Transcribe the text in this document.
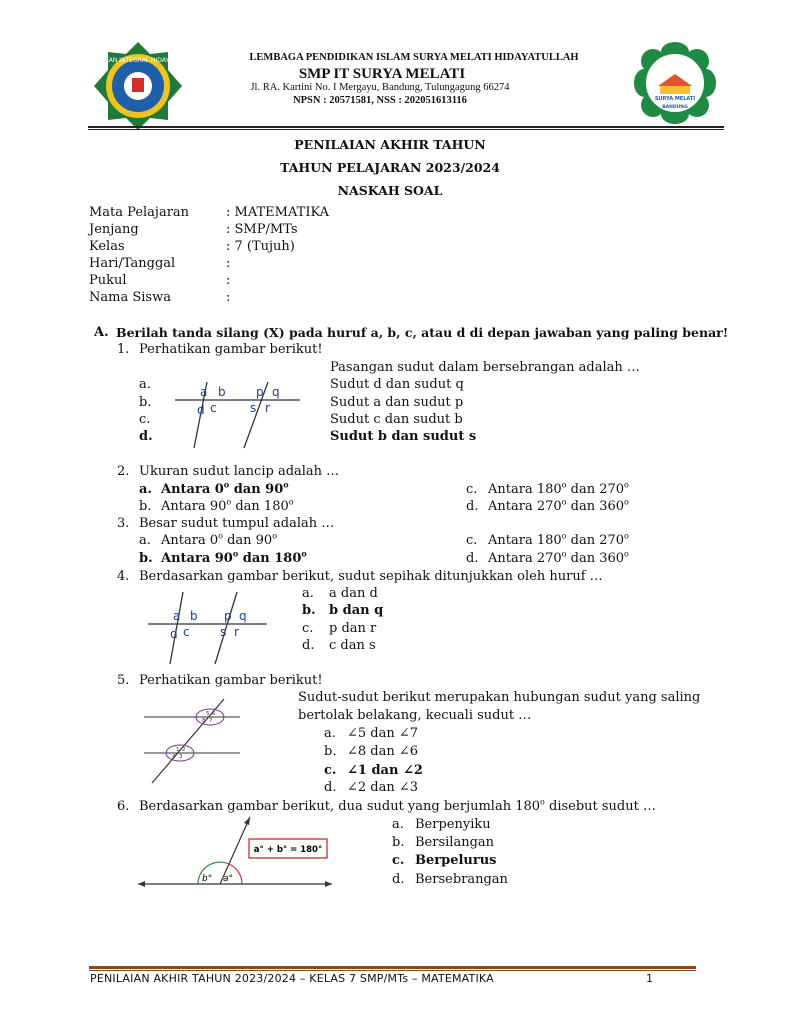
PENDIDIKAN INTEGRAL HIDAYATULLAH
SURYA MELATI
BANDUNG
LEMBAGA PENDIDIKAN ISLAM SURYA MELATI HIDAYATULLAH
SMP IT SURYA MELATI
Jl. RA. Kartini No. I Mergayu, Bandung, Tulungagung 66274
NPSN : 20571581, NSS : 202051613116
PENILAIAN AKHIR TAHUN
TAHUN PELAJARAN 2023/2024
NASKAH SOAL
Mata Pelajaran	: MATEMATIKA
Jenjang	: SMP/MTs
Kelas	: 7 (Tujuh)
Hari/Tanggal	:
Pukul	:
Nama Siswa	:
A. Berilah tanda silang (X) pada huruf a, b, c, atau d di depan jawaban yang paling benar!
1. Perhatikan gambar berikut!
Pasangan sudut dalam bersebrangan adalah …
a.
b.
c.
d.
Sudut d dan sudut q
Sudut a dan sudut p
Sudut c dan sudut b
Sudut b dan sudut s
a b	p q
d c	s r
2. Ukuran sudut lancip adalah …
a. Antara 0$^o$ dan 90$^o$
b. Antara 90$^o$ dan 180$^o$
c. Antara 180$^o$ dan 270$^o$
d. Antara 270$^o$ dan 360$^o$
3. Besar sudut tumpul adalah …
a. Antara 0$^o$ dan 90$^o$
b. Antara 90$^o$ dan 180$^o$
c. Antara 180$^o$ dan 270$^o$
d. Antara 270$^o$ dan 360$^o$
4. Berdasarkan gambar berikut, sudut sepihak ditunjukkan oleh huruf …
a. a dan d
b. b dan q
c. p dan r
d. c dan s
a b p q
d c	s r
5. Perhatikan gambar berikut!
Sudut-sudut berikut merupakan hubungan sudut yang saling
bertolak belakang, kecuali sudut …
a. ∠5 dan ∠7
b. ∠8 dan ∠6
c. ∠1 dan ∠2
d. ∠2 dan ∠3
5 6
8 7
1 2
4 3
6. Berdasarkan gambar berikut, dua sudut yang berjumlah 180$^o$ disebut sudut …
a. Berpenyiku
b. Bersilangan
c. Berpelurus
d. Bersebrangan
b° a°
a° + b° = 180°
PENILAIAN AKHIR TAHUN 2023/2024 – KELAS 7 SMP/MTs – MATEMATIKA	1
